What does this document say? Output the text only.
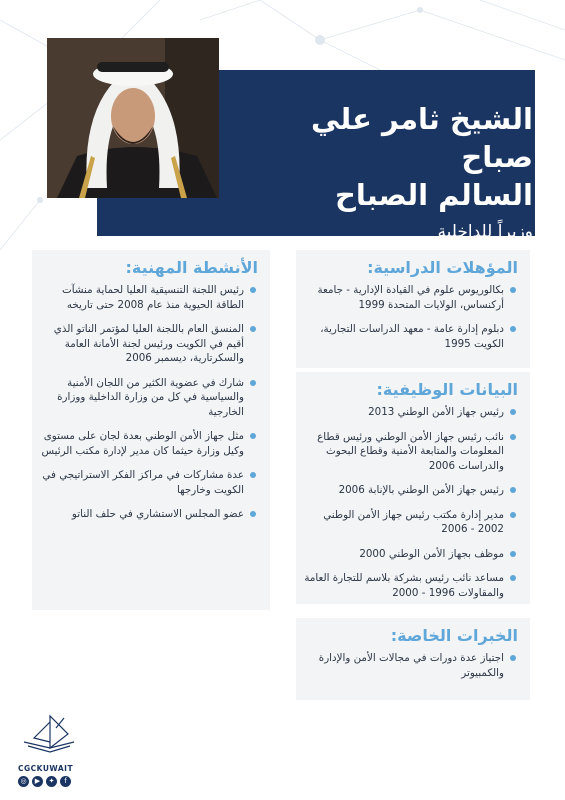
الشيخ ثامر علي صباح
السالم الصباح
وزيراً للداخلية
الأنشطة المهنية:
رئيس اللجنة التنسيقية العليا لحماية منشآت الطاقة الحيوية منذ عام 2008 حتى تاريخه
المنسق العام باللجنة العليا لمؤتمر الناتو الذي أقيم في الكويت ورئيس لجنة الأمانة العامة والسكرتارية، ديسمبر 2006
شارك في عضوية الكثير من اللجان الأمنية والسياسية في كل من وزارة الداخلية ووزارة الخارجية
مثل جهاز الأمن الوطني بعدة لجان على مستوى وكيل وزارة حيثما كان مدير لإدارة مكتب الرئيس
عدة مشاركات في مراكز الفكر الاستراتيجي في الكويت وخارجها
عضو المجلس الاستشاري في حلف الناتو
المؤهلات الدراسية:
بكالوريوس علوم في القيادة الإدارية - جامعة أركنساس، الولايات المتحدة 1999
دبلوم إدارة عامة - معهد الدراسات التجارية، الكويت 1995
البيانات الوظيفية:
رئيس جهاز الأمن الوطني 2013
نائب رئيس جهاز الأمن الوطني ورئيس قطاع المعلومات والمتابعة الأمنية وقطاع البحوث والدراسات 2006
رئيس جهاز الأمن الوطني بالإنابة 2006
مدير إدارة مكتب رئيس جهاز الأمن الوطني 2002 - 2006
موظف بجهاز الأمن الوطني 2000
مساعد نائب رئيس بشركة بلاسم للتجارة العامة والمقاولات 1996 - 2000
الخبرات الخاصة:
اجتياز عدة دورات في مجالات الأمن والإدارة والكمبيوتر
CGCKUWAIT
◎	▶	✦	f
